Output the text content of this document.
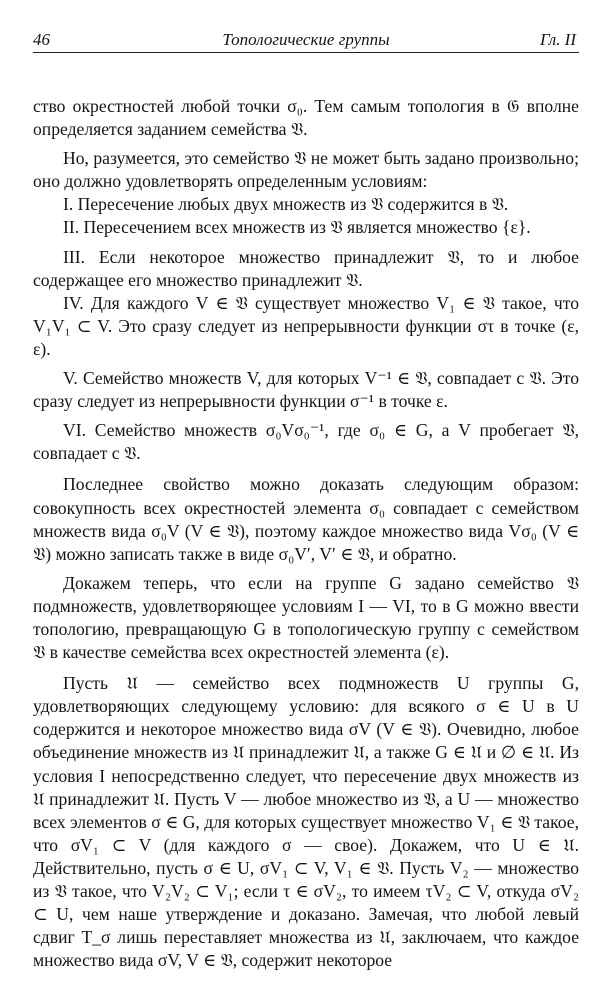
46	Топологические группы	Гл. II

ство окрестностей любой точки σ₀. Тем самым топология в 𝔊 вполне определяется заданием семейства 𝔙.

Но, разумеется, это семейство 𝔙 не может быть задано произвольно; оно должно удовлетворять определенным условиям:

I. Пересечение любых двух множеств из 𝔙 содержится в 𝔙.

II. Пересечением всех множеств из 𝔙 является множество {ε}.

III. Если некоторое множество принадлежит 𝔙, то и любое содержащее его множество принадлежит 𝔙.

IV. Для каждого V ∈ 𝔙 существует множество V₁ ∈ 𝔙 такое, что V₁V₁ ⊂ V. Это сразу следует из непрерывности функции στ в точке (ε, ε).

V. Семейство множеств V, для которых V⁻¹ ∈ 𝔙, совпадает с 𝔙. Это сразу следует из непрерывности функции σ⁻¹ в точке ε.

VI. Семейство множеств σ₀Vσ₀⁻¹, где σ₀ ∈ G, а V пробегает 𝔙, совпадает с 𝔙.

Последнее свойство можно доказать следующим образом: совокупность всех окрестностей элемента σ₀ совпадает с семейством множеств вида σ₀V (V ∈ 𝔙), поэтому каждое множество вида Vσ₀ (V ∈ 𝔙) можно записать также в виде σ₀V′, V′ ∈ 𝔙, и обратно.

Докажем теперь, что если на группе G задано семейство 𝔙 подмножеств, удовлетворяющее условиям I — VI, то в G можно ввести топологию, превращающую G в топологическую группу с семейством 𝔙 в качестве семейства всех окрестностей элемента (ε).

Пусть 𝔘 — семейство всех подмножеств U группы G, удовлетворяющих следующему условию: для всякого σ ∈ U в U содержится и некоторое множество вида σV (V ∈ 𝔙). Очевидно, любое объединение множеств из 𝔘 принадлежит 𝔘, а также G ∈ 𝔘 и ∅ ∈ 𝔘. Из условия I непосредственно следует, что пересечение двух множеств из 𝔘 принадлежит 𝔘. Пусть V — любое множество из 𝔙, а U — множество всех элементов σ ∈ G, для которых существует множество V₁ ∈ 𝔙 такое, что σV₁ ⊂ V (для каждого σ — свое). Докажем, что U ∈ 𝔘. Действительно, пусть σ ∈ U, σV₁ ⊂ V, V₁ ∈ 𝔙. Пусть V₂ — множество из 𝔙 такое, что V₂V₂ ⊂ V₁; если τ ∈ σV₂, то имеем τV₂ ⊂ V, откуда σV₂ ⊂ U, чем наше утверждение и доказано. Замечая, что любой левый сдвиг T_σ лишь переставляет множества из 𝔘, заключаем, что каждое множество вида σV, V ∈ 𝔙, содержит некоторое
